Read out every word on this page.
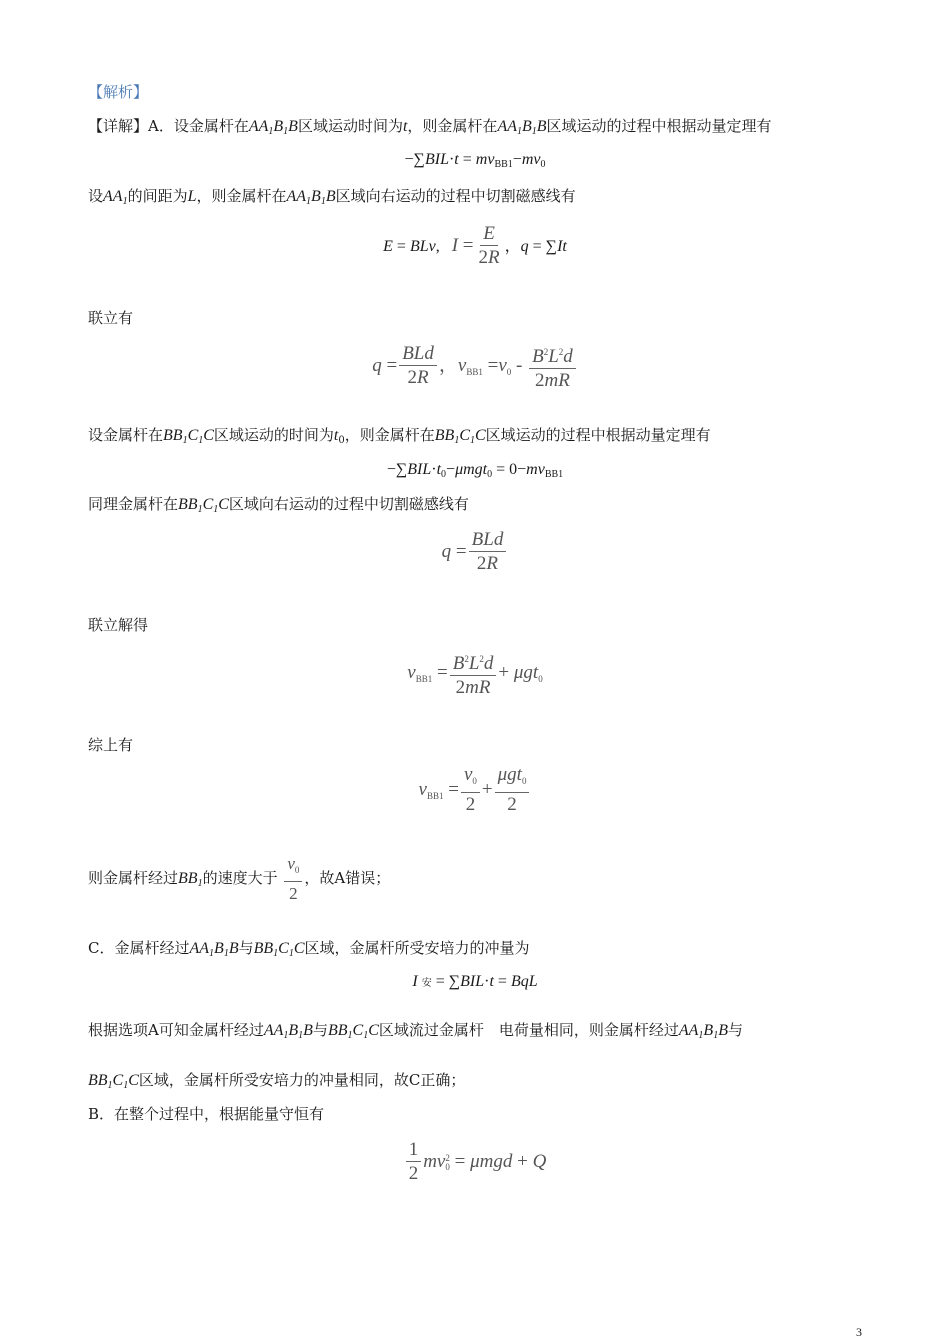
【解析】
【详解】A．设金属杆在$AA_1B_1B$区域运动时间为t，则金属杆在$AA_1B_1B$区域运动的过程中根据动量定理有
$-\sum BIL\cdot t = mv_{BB1}-mv_0$
设$AA_1$的间距为L，则金属杆在$AA_1B_1B$区域向右运动的过程中切割磁感线有
E = BLv,   $I = \frac{E}{2R}$ ，q = ∑It
联立有
$q = \frac{\text{BLd}}{2R}$ ，$v_{BB1} =v_0 - \frac{B^2L^2d}{2mR}$
设金属杆在$BB_1C_1C$区域运动的时间为$t_0$，则金属杆在$BB_1C_1C$区域运动的过程中根据动量定理有
$-\sum BIL\cdot t_0-\mu mgt_0 = 0-mv_{BB1}$
同理金属杆在$BB_1C_1C$区域向右运动的过程中切割磁感线有
$q = \frac{\text{BLd}}{2R}$
联立解得
$v_{BB1} = \frac{B^2L^2d}{2mR} + \mu gt_0$
综上有
$v_{BB1} = \frac{v_0}{2} + \frac{\mu gt_0}{2}$
则金属杆经过$BB_1$的速度大于 $\frac{v_0}{2}$ ，故A错误；
C．金属杆经过$AA_1B_1B$与$BB_1C_1C$区域，金属杆所受安培力的冲量为
I 安 = ∑BIL·t = BqL
根据选项A可知金属杆经过$AA_1B_1B$与$BB_1C_1C$区域流过金属杆　电荷量相同，则金属杆经过$AA_1B_1B$与
$BB_1C_1C$区域，金属杆所受安培力的冲量相同，故C正确；
B．在整个过程中，根据能量守恒有
$\frac{1}{2}$ mv 2
0 = μmgd + Q
3
